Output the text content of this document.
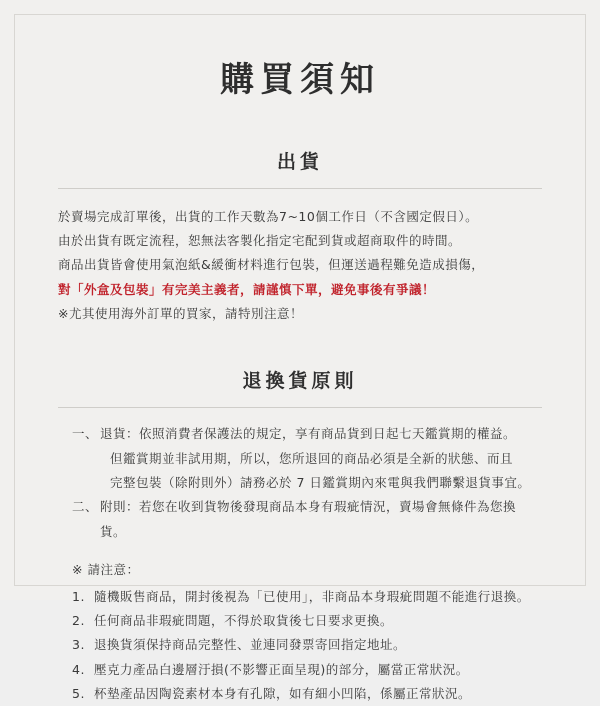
購買須知
出貨

於賣場完成訂單後，出貨的工作天數為7~10個工作日（不含國定假日）。

由於出貨有既定流程，恕無法客製化指定宅配到貨或超商取件的時間。

商品出貨皆會使用氣泡紙&緩衝材料進行包裝，但運送過程難免造成損傷，

對「外盒及包裝」有完美主義者，請謹慎下單，避免事後有爭議！

※尤其使用海外訂單的買家，請特別注意！

退換貨原則
一、 退貨：依照消費者保護法的規定，享有商品貨到日起七天鑑賞期的權益。
但鑑賞期並非試用期，所以，您所退回的商品必須是全新的狀態、而且
完整包裝（除附則外）請務必於 7 日鑑賞期內來電與我們聯繫退貨事宜。
二、 附則：若您在收到貨物後發現商品本身有瑕疵情況，賣場會無條件為您換貨。
※ 請注意：
1. 隨機販售商品，開封後視為「已使用」，非商品本身瑕疵問題不能進行退換。
2. 任何商品非瑕疵問題，不得於取貨後七日要求更換。
3. 退換貨須保持商品完整性、並連同發票寄回指定地址。
4. 壓克力產品白邊層汙損(不影響正面呈現)的部分，屬當正常狀況。
5. 杯墊產品因陶瓷素材本身有孔隙，如有細小凹陷，係屬正常狀況。
